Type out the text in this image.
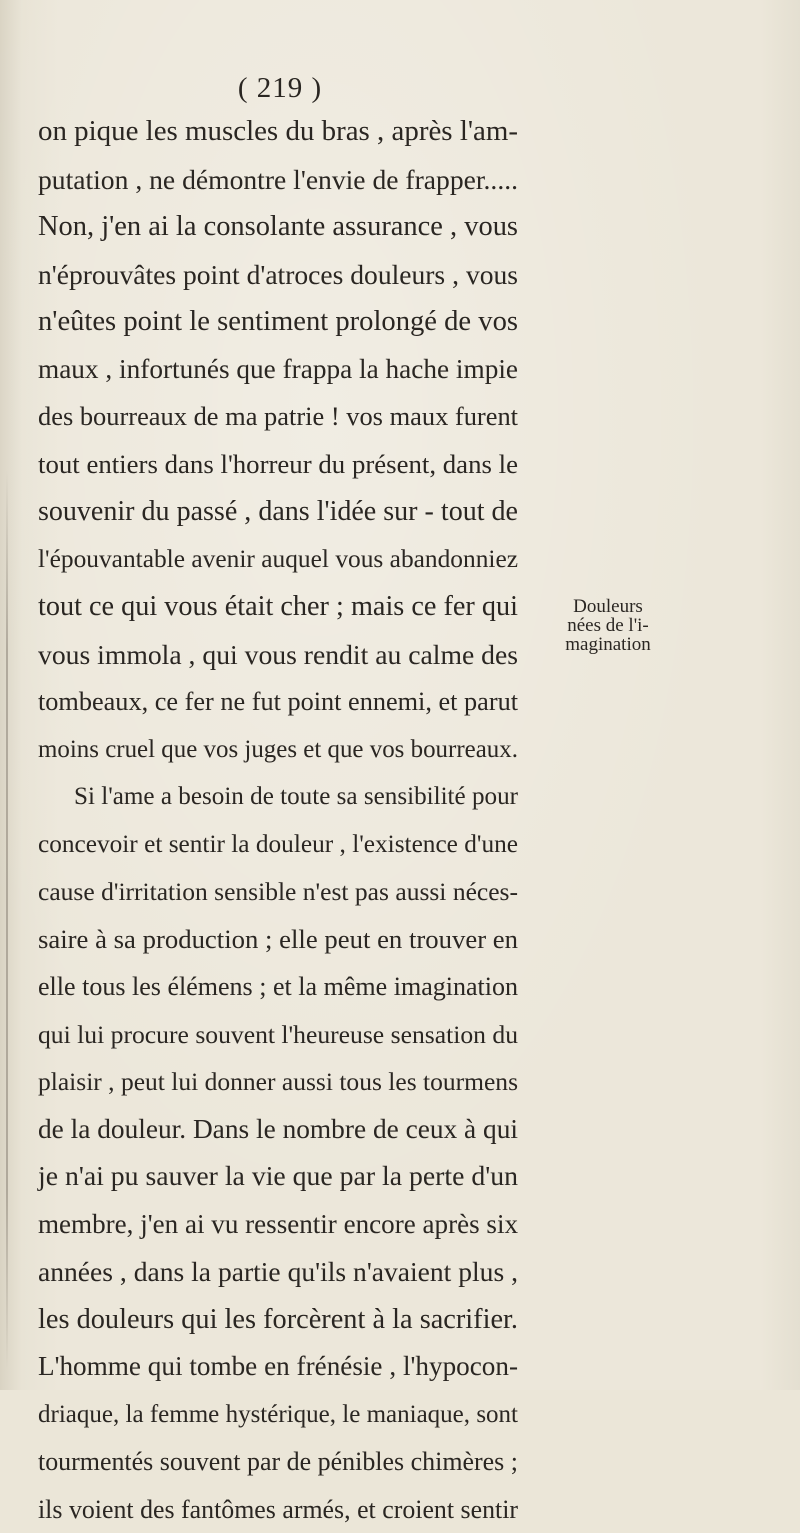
( 219 )
on pique les muscles du bras , après l'am-
putation , ne démontre l'envie de frapper.....
Non, j'en ai la consolante assurance , vous
n'éprouvâtes point d'atroces douleurs , vous
n'eûtes point le sentiment prolongé de vos
maux , infortunés que frappa la hache impie
des bourreaux de ma patrie ! vos maux furent
tout entiers dans l'horreur du présent, dans le
souvenir du passé , dans l'idée sur - tout de
l'épouvantable avenir auquel vous abandonniez
tout ce qui vous était cher ; mais ce fer qui
vous immola , qui vous rendit au calme des
tombeaux, ce fer ne fut point ennemi, et parut
moins cruel que vos juges et que vos bourreaux.
Si l'ame a besoin de toute sa sensibilité pour
concevoir et sentir la douleur , l'existence d'une
cause d'irritation sensible n'est pas aussi néces-
saire à sa production ; elle peut en trouver en
elle tous les élémens ; et la même imagination
qui lui procure souvent l'heureuse sensation du
plaisir , peut lui donner aussi tous les tourmens
de la douleur. Dans le nombre de ceux à qui
je n'ai pu sauver la vie que par la perte d'un
membre, j'en ai vu ressentir encore après six
années , dans la partie qu'ils n'avaient plus ,
les douleurs qui les forcèrent à la sacrifier.
L'homme qui tombe en frénésie , l'hypocon-
driaque, la femme hystérique, le maniaque, sont
tourmentés souvent par de pénibles chimères ;
ils voient des fantômes armés, et croient sentir
Douleurs
nées de l'i-
magination
